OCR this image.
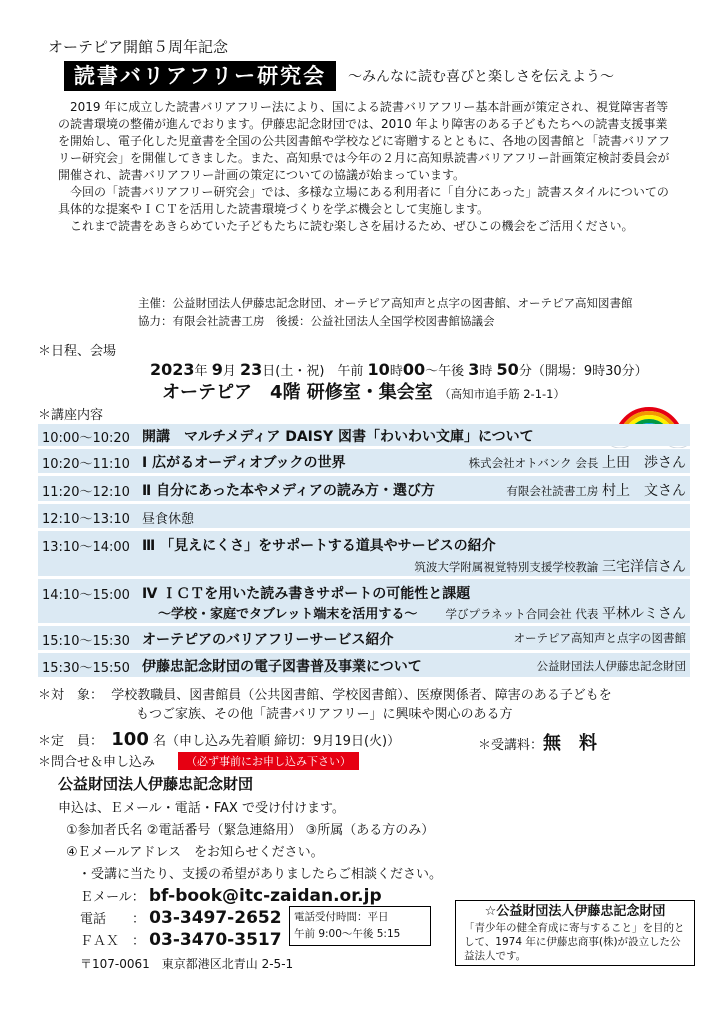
オーテピア開館５周年記念
読書バリアフリー研究会	～みんなに読む喜びと楽しさを伝えよう～

2019 年に成立した読書バリアフリー法により、国による読書バリアフリー基本計画が策定され、視覚障害者等の読書環境の整備が進んでおります。伊藤忠記念財団では、2010 年より障害のある子どもたちへの読書支援事業を開始し、電子化した児童書を全国の公共図書館や学校などに寄贈するとともに、各地の図書館と「読書バリアフリー研究会」を開催してきました。また、高知県では今年の２月に高知県読書バリアフリー計画策定検討委員会が開催され、読書バリアフリー計画の策定についての協議が始まっています。

今回の「読書バリアフリー研究会」では、多様な立場にある利用者に「自分にあった」読書スタイルについての具体的な提案やＩＣＴを活用した読書環境づくりを学ぶ機会として実施します。

これまで読書をあきらめていた子どもたちに読む楽しさを届けるため、ぜひこの機会をご活用ください。

主催：公益財団法人伊藤忠記念財団、オーテピア高知声と点字の図書館、オーテピア高知図書館
協力：有限会社読書工房　後援：公益社団法人全国学校図書館協議会
＊日程、会場
2023年 9月 23日(土・祝)　午前 10時00～午後 3時 50分（開場：9時30分）
オーテピア　4階 研修室・集会室 （高知市追手筋 2-1-1）
＊講座内容
10:00～10:20 開講　マルチメディア DAISY 図書「わいわい文庫」について
10:20～11:10 Ⅰ 広がるオーディオブックの世界	株式会社オトバンク 会長 上田　渉さん
11:20～12:10 Ⅱ 自分にあった本やメディアの読み方・選び方	有限会社読書工房 村上　文さん
12:10～13:10 昼食休憩
13:10～14:00 Ⅲ 「見えにくさ」をサポートする道具やサービスの紹介
筑波大学附属視覚特別支援学校教諭 三宅洋信さん
14:10～15:00 Ⅳ ＩＣＴを用いた読み書きサポートの可能性と課題
～学校・家庭でタブレット端末を活用する～ 学びプラネット合同会社 代表 平林ルミさん
15:10～15:30 オーテピアのバリアフリーサービス紹介	オーテピア高知声と点字の図書館
15:30～15:50 伊藤忠記念財団の電子図書普及事業について	公益財団法人伊藤忠記念財団
＊対　象： 学校教職員、図書館員（公共図書館、学校図書館）、医療関係者、障害のある子どもを
もつご家族、その他「読書バリアフリー」に興味や関心のある方
＊定　員： 100 名（申し込み先着順 締切：9月19日(火)）	＊受講料：無　料
＊問合せ＆申し込み	（必ず事前にお申し込み下さい）
公益財団法人伊藤忠記念財団
申込は、Ｅメール・電話・FAX で受け付けます。
①参加者氏名 ②電話番号（緊急連絡用） ③所属（ある方のみ）
④Ｅメールアドレス　をお知らせください。
・受講に当たり、支援の希望がありましたらご相談ください。
Ｅメール： bf-book@itc-zaidan.or.jp
電話　　： 03-3497-2652
ＦＡＸ　： 03-3470-3517
電話受付時間：平日
午前 9:00～午後 5:15
〒107-0061　東京都港区北青山 2-5-1
☆公益財団法人伊藤忠記念財団
「青少年の健全育成に寄与すること」を目的として、1974 年に伊藤忠商事(株)が設立した公益法人です。
